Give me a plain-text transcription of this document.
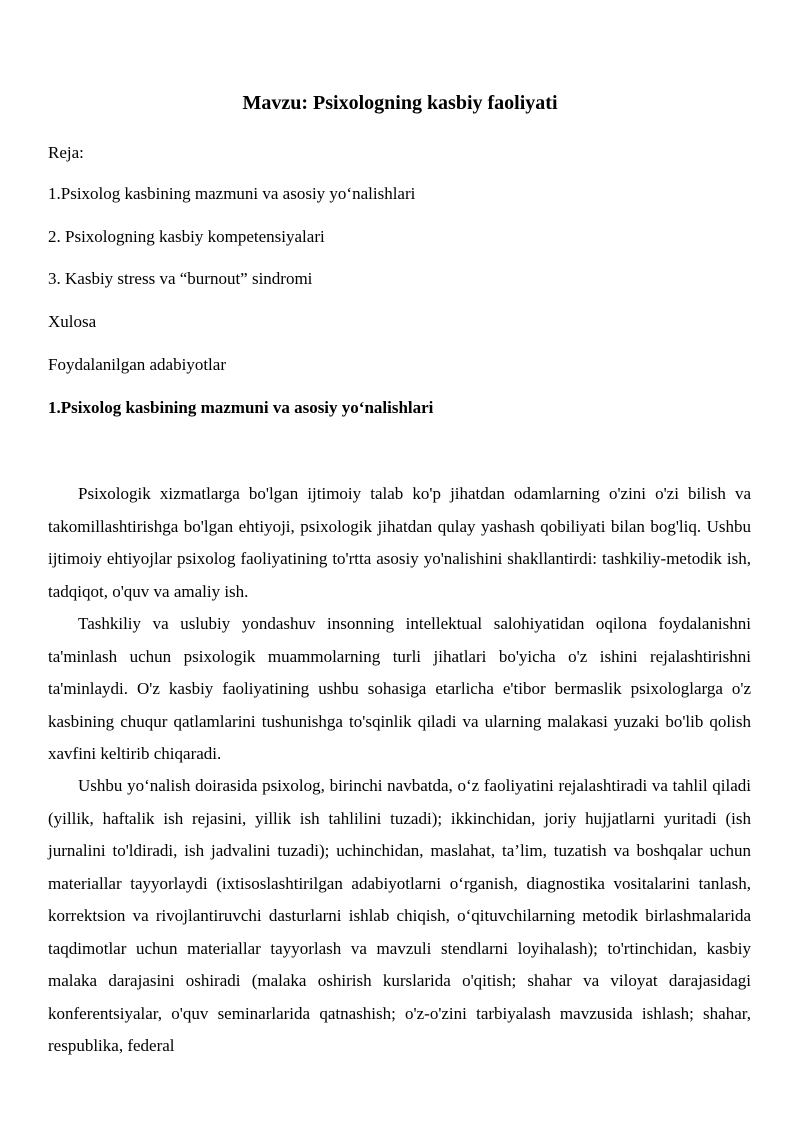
Mavzu: Psixologning kasbiy faoliyati
Reja:
1.Psixolog kasbining mazmuni va asosiy yo‘nalishlari
2. Psixologning kasbiy kompetensiyalari
3. Kasbiy stress va “burnout” sindromi
Xulosa
Foydalanilgan adabiyotlar
1.Psixolog kasbining mazmuni va asosiy yo‘nalishlari

Psixologik xizmatlarga bo'lgan ijtimoiy talab ko'p jihatdan odamlarning o'zini o'zi bilish va takomillashtirishga bo'lgan ehtiyoji, psixologik jihatdan qulay yashash qobiliyati bilan bog'liq. Ushbu ijtimoiy ehtiyojlar psixolog faoliyatining to'rtta asosiy yo'nalishini shakllantirdi: tashkiliy-metodik ish, tadqiqot, o'quv va amaliy ish.

Tashkiliy va uslubiy yondashuv insonning intellektual salohiyatidan oqilona foydalanishni ta'minlash uchun psixologik muammolarning turli jihatlari bo'yicha o'z ishini rejalashtirishni ta'minlaydi. O'z kasbiy faoliyatining ushbu sohasiga etarlicha e'tibor bermaslik psixologlarga o'z kasbining chuqur qatlamlarini tushunishga to'sqinlik qiladi va ularning malakasi yuzaki bo'lib qolish xavfini keltirib chiqaradi.

Ushbu yo‘nalish doirasida psixolog, birinchi navbatda, o‘z faoliyatini rejalashtiradi va tahlil qiladi (yillik, haftalik ish rejasini, yillik ish tahlilini tuzadi); ikkinchidan, joriy hujjatlarni yuritadi (ish jurnalini to'ldiradi, ish jadvalini tuzadi); uchinchidan, maslahat, ta’lim, tuzatish va boshqalar uchun materiallar tayyorlaydi (ixtisoslashtirilgan adabiyotlarni o‘rganish, diagnostika vositalarini tanlash, korrektsion va rivojlantiruvchi dasturlarni ishlab chiqish, o‘qituvchilarning metodik birlashmalarida taqdimotlar uchun materiallar tayyorlash va mavzuli stendlarni loyihalash); to'rtinchidan, kasbiy malaka darajasini oshiradi (malaka oshirish kurslarida o'qitish; shahar va viloyat darajasidagi konferentsiyalar, o'quv seminarlarida qatnashish; o'z-o'zini tarbiyalash mavzusida ishlash; shahar, respublika, federal
